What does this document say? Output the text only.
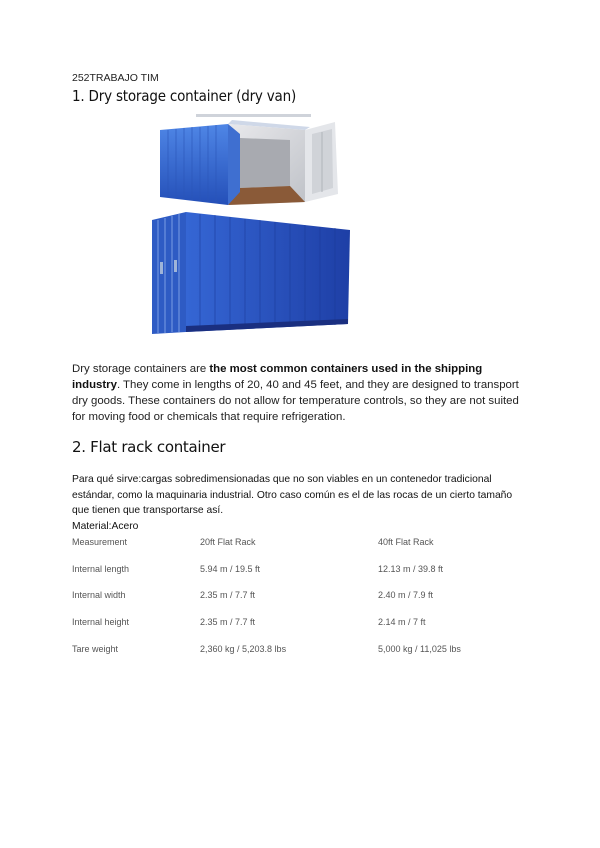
252TRABAJO TIM
1. Dry storage container (dry van)
Dry storage containers are the most common containers used in the shipping industry. They come in lengths of 20, 40 and 45 feet, and they are designed to transport dry goods. These containers do not allow for temperature controls, so they are not suited for moving food or chemicals that require refrigeration.
2. Flat rack container
Para qué sirve:cargas sobredimensionadas que no son viables en un contenedor tradicional estándar, como la maquinaria industrial. Otro caso común es el de las rocas de un cierto tamaño que tienen que transportarse así.
Material:Acero
Measurement	20ft Flat Rack	40ft Flat Rack
Internal length	5.94 m / 19.5 ft	12.13 m / 39.8 ft
Internal width	2.35 m / 7.7 ft	2.40 m / 7.9 ft
Internal height	2.35 m / 7.7 ft	2.14 m / 7 ft
Tare weight	2,360 kg / 5,203.8 lbs	5,000 kg / 11,025 lbs
